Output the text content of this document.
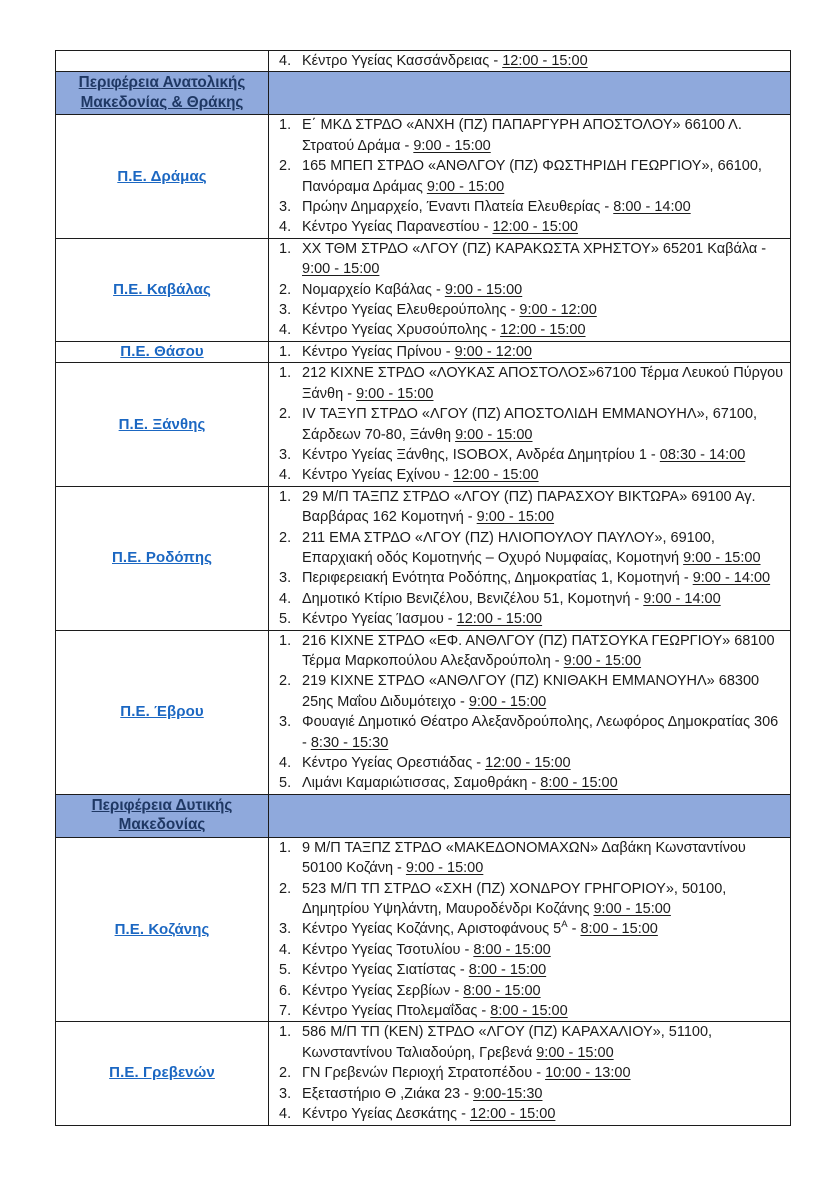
	4. Κέντρο Υγείας Κασσάνδρειας - 12:00 - 15:00

Περιφέρεια Ανατολικής Μακεδονίας & Θράκης	

Π.Ε. Δράμας	
1. Ε΄ ΜΚΔ ΣΤΡΔΟ «ΑΝΧΗ (ΠΖ) ΠΑΠΑΡΓΥΡΗ ΑΠΟΣΤΟΛΟΥ» 66100 Λ. Στρατού Δράμα - 9:00 - 15:00
2. 165 ΜΠΕΠ ΣΤΡΔΟ «ΑΝΘΛΓΟΥ (ΠΖ) ΦΩΣΤΗΡΙΔΗ ΓΕΩΡΓΙΟΥ», 66100, Πανόραμα Δράμας 9:00 - 15:00
3. Πρώην Δημαρχείο, Έναντι Πλατεία Ελευθερίας - 8:00 - 14:00
4. Κέντρο Υγείας Παρανεστίου - 12:00 - 15:00

Π.Ε. Καβάλας	
1. ΧΧ ΤΘΜ ΣΤΡΔΟ «ΛΓΟΥ (ΠΖ) ΚΑΡΑΚΩΣΤΑ ΧΡΗΣΤΟΥ» 65201 Καβάλα - 9:00 - 15:00
2. Νομαρχείο Καβάλας - 9:00 - 15:00
3. Κέντρο Υγείας Ελευθερούπολης - 9:00 - 12:00
4. Κέντρο Υγείας Χρυσούπολης - 12:00 - 15:00

Π.Ε. Θάσου	1. Κέντρο Υγείας Πρίνου - 9:00 - 12:00

Π.Ε. Ξάνθης	
1. 212 ΚΙΧΝΕ ΣΤΡΔΟ «ΛΟΥΚΑΣ ΑΠΟΣΤΟΛΟΣ»67100 Τέρμα Λευκού Πύργου Ξάνθη - 9:00 - 15:00
2. IV ΤΑΞΥΠ ΣΤΡΔΟ «ΛΓΟΥ (ΠΖ) ΑΠΟΣΤΟΛΙΔΗ ΕΜΜΑΝΟΥΗΛ», 67100, Σάρδεων 70-80, Ξάνθη 9:00 - 15:00
3. Κέντρο Υγείας Ξάνθης, ISOBOX, Ανδρέα Δημητρίου 1 - 08:30 - 14:00
4. Κέντρο Υγείας Εχίνου - 12:00 - 15:00

Π.Ε. Ροδόπης	
1. 29 Μ/Π ΤΑΞΠΖ ΣΤΡΔΟ «ΛΓΟΥ (ΠΖ) ΠΑΡΑΣΧΟΥ ΒΙΚΤΩΡΑ» 69100 Αγ. Βαρβάρας 162 Κομοτηνή - 9:00 - 15:00
2. 211 ΕΜΑ ΣΤΡΔΟ «ΛΓΟΥ (ΠΖ) ΗΛΙΟΠΟΥΛΟΥ ΠΑΥΛΟΥ», 69100, Επαρχιακή οδός Κομοτηνής – Οχυρό Νυμφαίας, Κομοτηνή 9:00 - 15:00
3. Περιφερειακή Ενότητα Ροδόπης, Δημοκρατίας 1, Κομοτηνή - 9:00 - 14:00
4. Δημοτικό Κτίριο Βενιζέλου, Βενιζέλου 51, Κομοτηνή - 9:00 - 14:00
5. Κέντρο Υγείας Ίασμου - 12:00 - 15:00

Π.Ε. Έβρου	
1. 216 ΚΙΧΝΕ ΣΤΡΔΟ «ΕΦ. ΑΝΘΛΓΟΥ (ΠΖ) ΠΑΤΣΟΥΚΑ ΓΕΩΡΓΙΟΥ» 68100 Τέρμα Μαρκοπούλου Αλεξανδρούπολη - 9:00 - 15:00
2. 219 ΚΙΧΝΕ ΣΤΡΔΟ «ΑΝΘΛΓΟΥ (ΠΖ) ΚΝΙΘΑΚΗ ΕΜΜΑΝΟΥΗΛ» 68300 25ης Μαΐου Διδυμότειχο - 9:00 - 15:00
3. Φουαγιέ Δημοτικό Θέατρο Αλεξανδρούπολης, Λεωφόρος Δημοκρατίας 306 - 8:30 - 15:30
4. Κέντρο Υγείας Ορεστιάδας - 12:00 - 15:00
5. Λιμάνι Καμαριώτισσας, Σαμοθράκη - 8:00 - 15:00

Περιφέρεια Δυτικής Μακεδονίας	

Π.Ε. Κοζάνης	
1. 9 Μ/Π ΤΑΞΠΖ ΣΤΡΔΟ «ΜΑΚΕΔΟΝΟΜΑΧΩΝ» Δαβάκη Κωνσταντίνου 50100 Κοζάνη - 9:00 - 15:00
2. 523 Μ/Π ΤΠ ΣΤΡΔΟ «ΣΧΗ (ΠΖ) ΧΟΝΔΡΟΥ ΓΡΗΓΟΡΙΟΥ», 50100, Δημητρίου Υψηλάντη, Μαυροδένδρι Κοζάνης 9:00 - 15:00
3. Κέντρο Υγείας Κοζάνης, Αριστοφάνους $5^A$ - 8:00 - 15:00
4. Κέντρο Υγείας Τσοτυλίου - 8:00 - 15:00
5. Κέντρο Υγείας Σιατίστας - 8:00 - 15:00
6. Κέντρο Υγείας Σερβίων - 8:00 - 15:00
7. Κέντρο Υγείας Πτολεμαΐδας - 8:00 - 15:00

Π.Ε. Γρεβενών	
1. 586 Μ/Π ΤΠ (ΚΕΝ) ΣΤΡΔΟ «ΛΓΟΥ (ΠΖ) ΚΑΡΑΧΑΛΙΟΥ», 51100, Κωνσταντίνου Ταλιαδούρη, Γρεβενά 9:00 - 15:00
2. ΓΝ Γρεβενών Περιοχή Στρατοπέδου - 10:00 - 13:00
3. Εξεταστήριο Θ ,Ζιάκα 23 - 9:00-15:30
4. Κέντρο Υγείας Δεσκάτης - 12:00 - 15:00
